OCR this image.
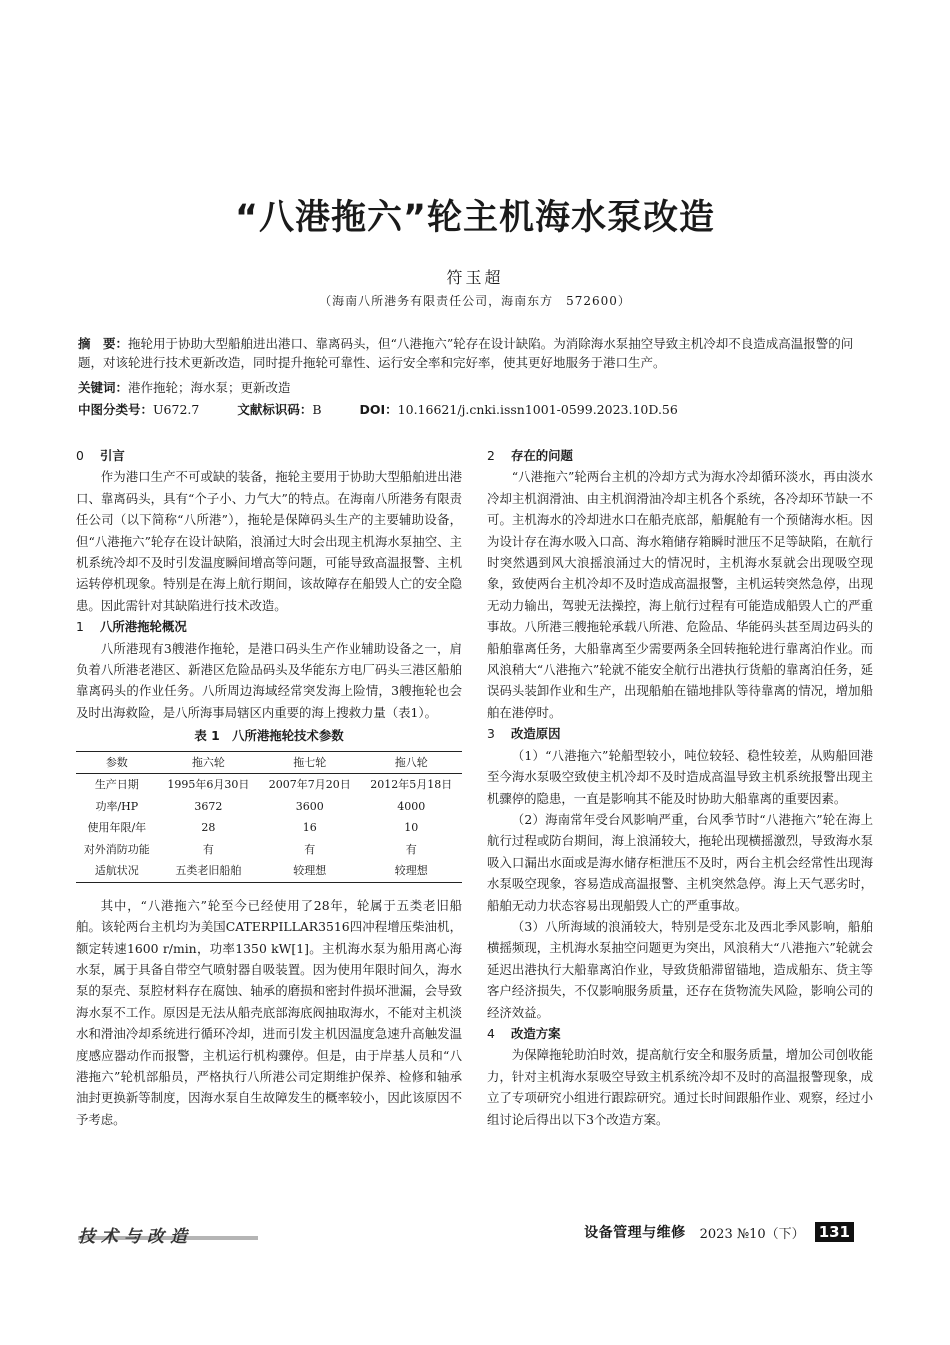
“八港拖六”轮主机海水泵改造
符玉超
（海南八所港务有限责任公司，海南东方　572600）
摘　要：拖轮用于协助大型船舶进出港口、靠离码头，但“八港拖六”轮存在设计缺陷。为消除海水泵抽空导致主机冷却不良造成高温报警的问题，对该轮进行技术更新改造，同时提升拖轮可靠性、运行安全率和完好率，使其更好地服务于港口生产。
关键词：港作拖轮；海水泵；更新改造
中图分类号：U672.7	文献标识码：B	DOI：10.16621/j.cnki.issn1001-0599.2023.10D.56
0 引言

作为港口生产不可或缺的装备，拖轮主要用于协助大型船舶进出港口、靠离码头，具有“个子小、力气大”的特点。在海南八所港务有限责任公司（以下简称“八所港”），拖轮是保障码头生产的主要辅助设备，但“八港拖六”轮存在设计缺陷，浪涌过大时会出现主机海水泵抽空、主机系统冷却不及时引发温度瞬间增高等问题，可能导致高温报警、主机运转停机现象。特别是在海上航行期间，该故障存在船毁人亡的安全隐患。因此需针对其缺陷进行技术改造。

1 八所港拖轮概况

八所港现有3艘港作拖轮，是港口码头生产作业辅助设备之一，肩负着八所港老港区、新港区危险品码头及华能东方电厂码头三港区船舶靠离码头的作业任务。八所周边海域经常突发海上险情，3艘拖轮也会及时出海救险，是八所海事局辖区内重要的海上搜救力量（表1）。

表 1　八所港拖轮技术参数
参数	拖六轮	拖七轮	拖八轮
生产日期	1995年6月30日	2007年7月20日	2012年5月18日
功率/HP	3672	3600	4000
使用年限/年	28	16	10
对外消防功能	有	有	有
适航状况	五类老旧船舶	较理想	较理想

其中，“八港拖六”轮至今已经使用了28年，轮属于五类老旧船舶。该轮两台主机均为美国CATERPILLAR3516四冲程增压柴油机，额定转速1600 r/min，功率1350 kW[1]。主机海水泵为船用离心海水泵，属于具备自带空气喷射器自吸装置。因为使用年限时间久，海水泵的泵壳、泵腔材料存在腐蚀、轴承的磨损和密封件损坏泄漏，会导致海水泵不工作。原因是无法从船壳底部海底阀抽取海水，不能对主机淡水和滑油冷却系统进行循环冷却，进而引发主机因温度急速升高触发温度感应器动作而报警，主机运行机构骤停。但是，由于岸基人员和“八港拖六”轮机部船员，严格执行八所港公司定期维护保养、检修和轴承油封更换新等制度，因海水泵自生故障发生的概率较小，因此该原因不予考虑。

2 存在的问题

“八港拖六”轮两台主机的冷却方式为海水冷却循环淡水，再由淡水冷却主机润滑油、由主机润滑油冷却主机各个系统，各冷却环节缺一不可。主机海水的冷却进水口在船壳底部，船艉舱有一个预储海水柜。因为设计存在海水吸入口高、海水箱储存箱瞬时泄压不足等缺陷，在航行时突然遇到风大浪摇浪涌过大的情况时，主机海水泵就会出现吸空现象，致使两台主机冷却不及时造成高温报警，主机运转突然急停，出现无动力输出，驾驶无法操控，海上航行过程有可能造成船毁人亡的严重事故。八所港三艘拖轮承载八所港、危险品、华能码头甚至周边码头的船舶靠离任务，大船靠离至少需要两条全回转拖轮进行靠离泊作业。而风浪稍大“八港拖六”轮就不能安全航行出港执行货船的靠离泊任务，延误码头装卸作业和生产，出现船舶在锚地排队等待靠离的情况，增加船舶在港停时。

3 改造原因

（1）“八港拖六”轮船型较小，吨位较轻、稳性较差，从购船回港至今海水泵吸空致使主机冷却不及时造成高温导致主机系统报警出现主机骤停的隐患，一直是影响其不能及时协助大船靠离的重要因素。

（2）海南常年受台风影响严重，台风季节时“八港拖六”轮在海上航行过程或防台期间，海上浪涌较大，拖轮出现横摇激烈，导致海水泵吸入口漏出水面或是海水储存柜泄压不及时，两台主机会经常性出现海水泵吸空现象，容易造成高温报警、主机突然急停。海上天气恶劣时，船舶无动力状态容易出现船毁人亡的严重事故。

（3）八所海域的浪涌较大，特别是受东北及西北季风影响，船舶横摇频现，主机海水泵抽空问题更为突出，风浪稍大“八港拖六”轮就会延迟出港执行大船靠离泊作业，导致货船滞留锚地，造成船东、货主等客户经济损失，不仅影响服务质量，还存在货物流失风险，影响公司的经济效益。

4 改造方案

为保障拖轮助泊时效，提高航行安全和服务质量，增加公司创收能力，针对主机海水泵吸空导致主机系统冷却不及时的高温报警现象，成立了专项研究小组进行跟踪研究。通过长时间跟船作业、观察，经过小组讨论后得出以下3个改造方案。

技术与改造	设备管理与维修 2023 №10（下） 131
